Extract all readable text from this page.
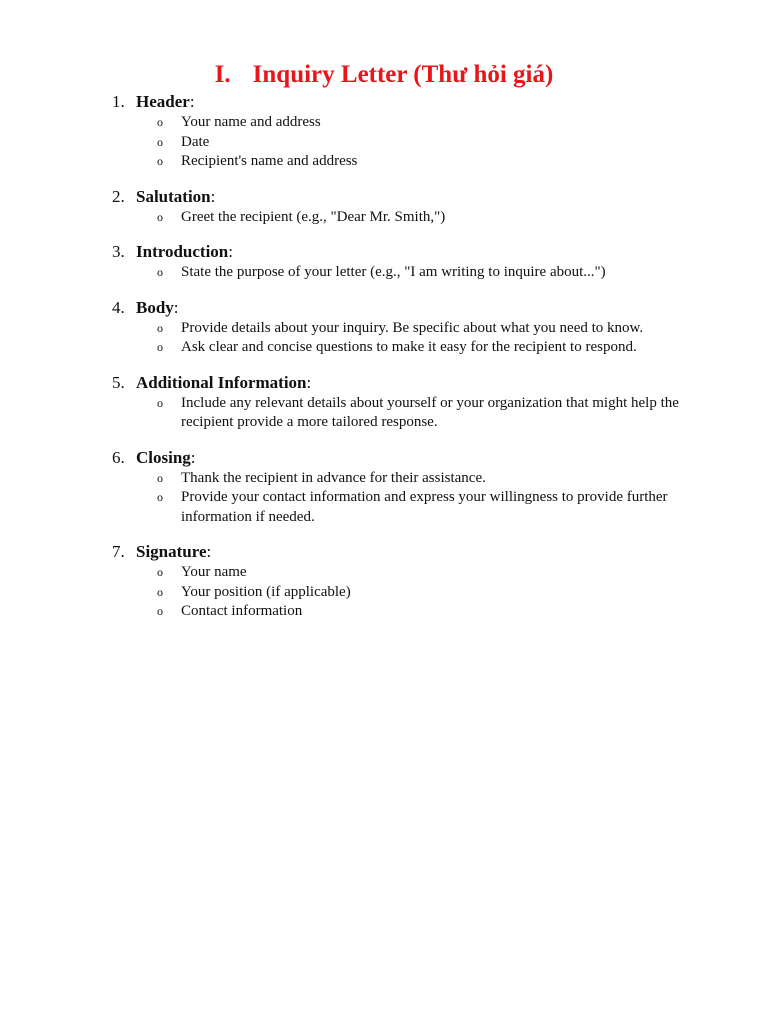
I. Inquiry Letter (Thư hỏi giá)
1. Header:
o Your name and address
o Date
o Recipient's name and address
2. Salutation:
o Greet the recipient (e.g., "Dear Mr. Smith,")
3. Introduction:
o State the purpose of your letter (e.g., "I am writing to inquire about...")
4. Body:
o Provide details about your inquiry. Be specific about what you need to know.
o Ask clear and concise questions to make it easy for the recipient to respond.
5. Additional Information:
o Include any relevant details about yourself or your organization that might help the recipient provide a more tailored response.
6. Closing:
o Thank the recipient in advance for their assistance.
o Provide your contact information and express your willingness to provide further information if needed.
7. Signature:
o Your name
o Your position (if applicable)
o Contact information
